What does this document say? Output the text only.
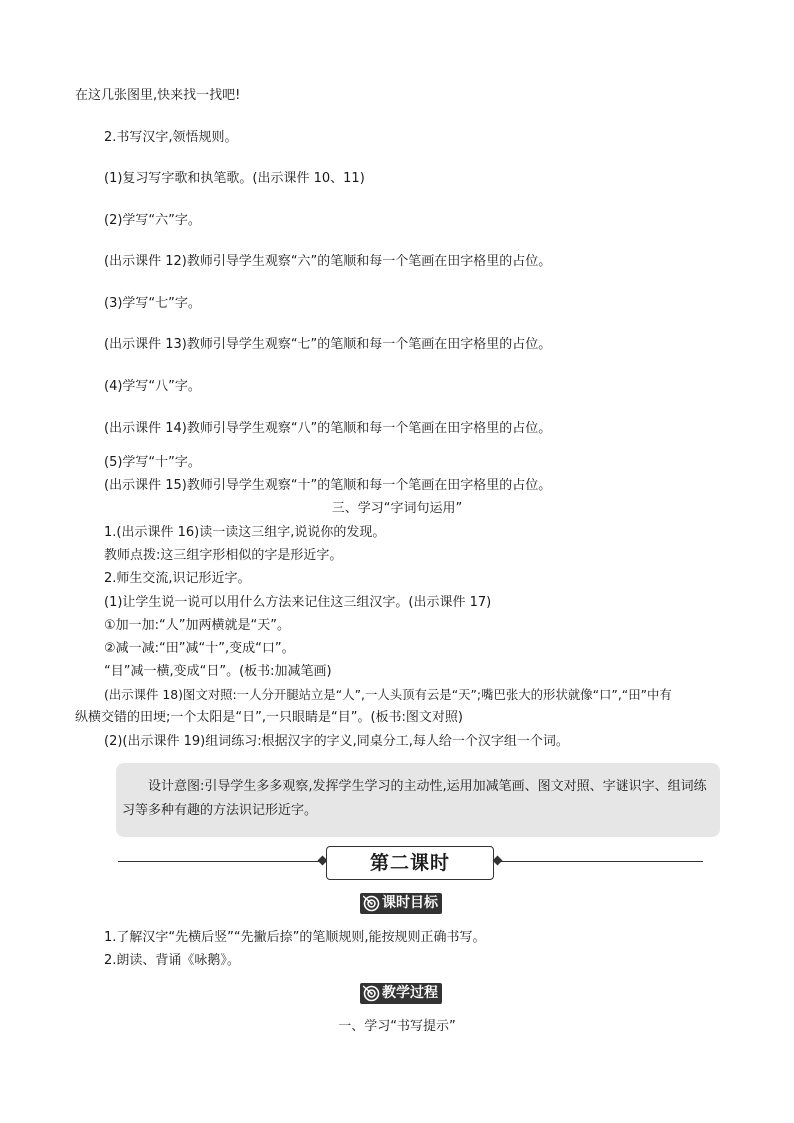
在这几张图里,快来找一找吧!
2.书写汉字,领悟规则。
(1)复习写字歌和执笔歌。(出示课件 10、11)
(2)学写“六”字。
(出示课件 12)教师引导学生观察“六”的笔顺和每一个笔画在田字格里的占位。
(3)学写“七”字。
(出示课件 13)教师引导学生观察“七”的笔顺和每一个笔画在田字格里的占位。
(4)学写“八”字。
(出示课件 14)教师引导学生观察“八”的笔顺和每一个笔画在田字格里的占位。
(5)学写“十”字。
(出示课件 15)教师引导学生观察“十”的笔顺和每一个笔画在田字格里的占位。
三、学习“字词句运用”
1.(出示课件 16)读一读这三组字,说说你的发现。
教师点拨:这三组字形相似的字是形近字。
2.师生交流,识记形近字。
(1)让学生说一说可以用什么方法来记住这三组汉字。(出示课件 17)
①加一加:“人”加两横就是“天”。
②减一减:“田”减“十”,变成“口”。
“目”减一横,变成“日”。(板书:加减笔画)
(出示课件 18)图文对照:一人分开腿站立是“人”,一人头顶有云是“天”;嘴巴张大的形状就像“口”,“田”中有
纵横交错的田埂;一个太阳是“日”,一只眼睛是“目”。(板书:图文对照)
(2)(出示课件 19)组词练习:根据汉字的字义,同桌分工,每人给一个汉字组一个词。

设计意图:引导学生多多观察,发挥学生学习的主动性,运用加减笔画、图文对照、字谜识字、组词练习等多种有趣的方法识记形近字。

第二课时
课时目标
1.了解汉字“先横后竖”“先撇后捺”的笔顺规则,能按规则正确书写。
2.朗读、背诵《咏鹅》。
教学过程
一、学习“书写提示”
